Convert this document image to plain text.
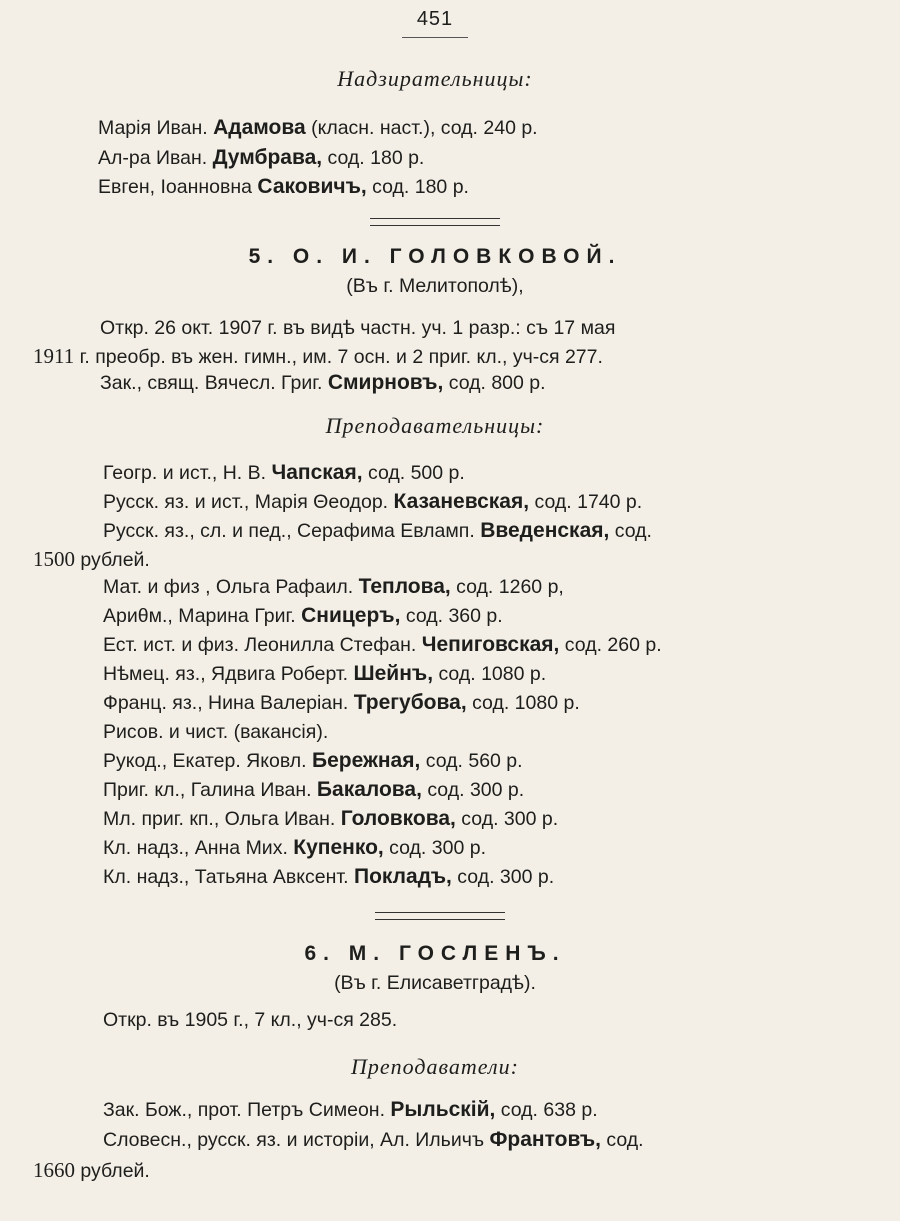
451
Надзирательницы:
Марія Иван. Адамова (класн. наст.), сод. 240 р.
Ал-ра Иван. Думбрава, сод. 180 р.
Евген, Іоанновна Саковичъ, сод. 180 р.
5. О. И. ГОЛОВКОВОЙ.
(Въ г. Мелитополѣ),
Откр. 26 окт. 1907 г. въ видѣ частн. уч. 1 разр.: съ 17 мая
1911 г. преобр. въ жен. гимн., им. 7 осн. и 2 приг. кл., уч-ся 277.
Зак., свящ. Вячесл. Григ. Смирновъ, сод. 800 р.
Преподавательницы:
Геогр. и ист., Н. В. Чапская, сод. 500 р.
Русск. яз. и ист., Марія Θеодор. Казаневская, сод. 1740 р.
Русск. яз., сл. и пед., Серафима Евламп. Введенская, сод.
1500 рублей.
Мат. и физ , Ольга Рафаил. Теплова, сод. 1260 р,
Ариθм., Марина Григ. Сницеръ, сод. 360 р.
Ест. ист. и физ. Леонилла Стефан. Чепиговская, сод. 260 р.
Нѣмец. яз., Ядвига Роберт. Шейнъ, сод. 1080 р.
Франц. яз., Нина Валеріан. Трегубова, сод. 1080 р.
Рисов. и чист. (вакансія).
Рукод., Екатер. Яковл. Бережная, сод. 560 р.
Приг. кл., Галина Иван. Бакалова, сод. 300 р.
Мл. приг. кп., Ольга Иван. Головкова, сод. 300 р.
Кл. надз., Анна Мих. Купенко, сод. 300 р.
Кл. надз., Татьяна Авксент. Покладъ, сод. 300 р.
6. М. ГОСЛЕНЪ.
(Въ г. Елисаветградѣ).
Откр. въ 1905 г., 7 кл., уч-ся 285.
Преподаватели:
Зак. Бож., прот. Петръ Симеон. Рыльскій, сод. 638 р.
Словесн., русск. яз. и исторіи, Ал. Ильичъ Франтовъ, сод.
1660 рублей.
